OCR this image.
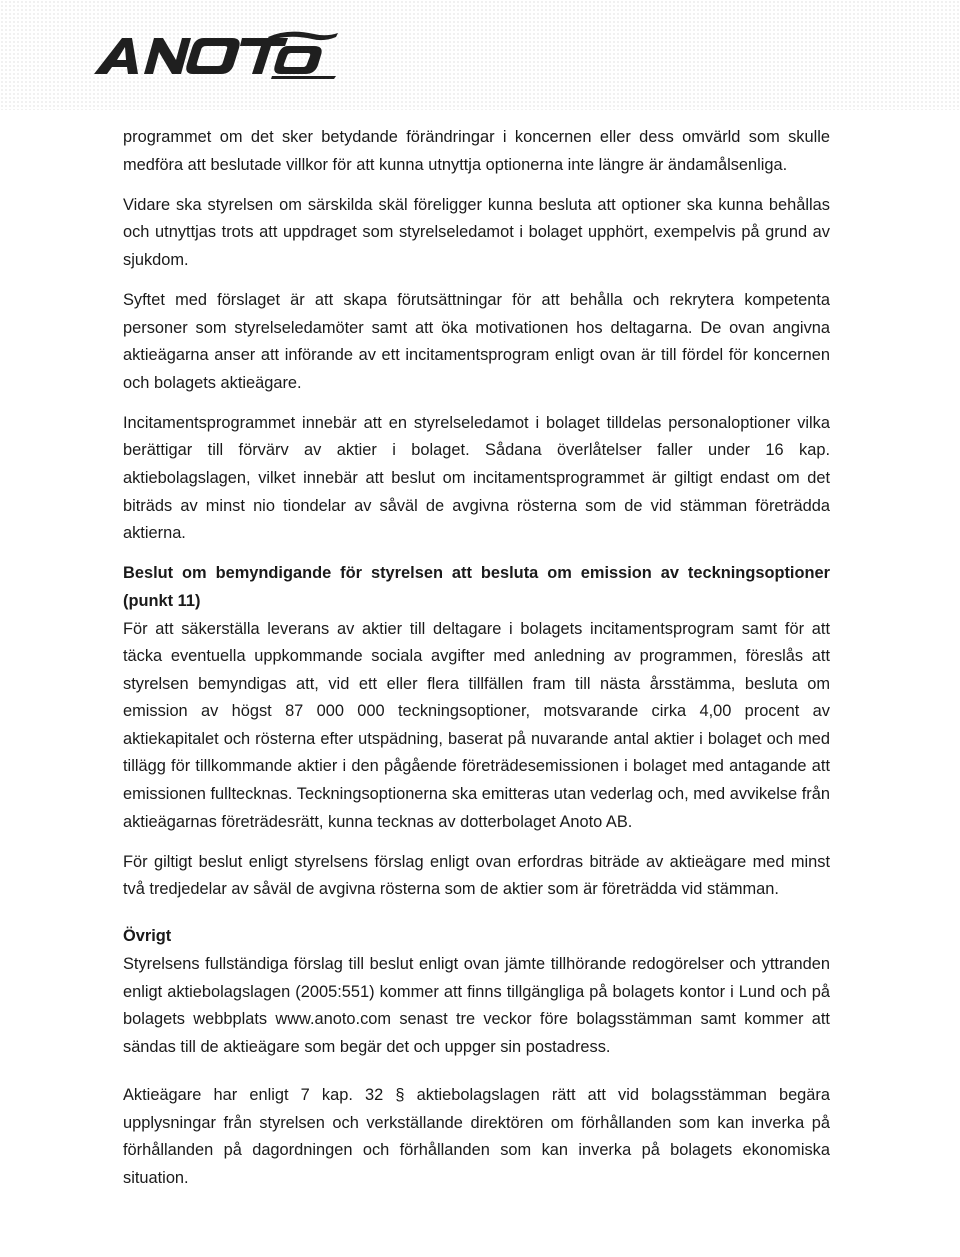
programmet om det sker betydande förändringar i koncernen eller dess omvärld som skulle medföra att beslutade villkor för att kunna utnyttja optionerna inte längre är ändamålsenliga.

Vidare ska styrelsen om särskilda skäl föreligger kunna besluta att optioner ska kunna behållas och utnyttjas trots att uppdraget som styrelseledamot i bolaget upphört, exempelvis på grund av sjukdom.

Syftet med förslaget är att skapa förutsättningar för att behålla och rekrytera kompetenta personer som styrelseledamöter samt att öka motivationen hos deltagarna. De ovan angivna aktieägarna anser att införande av ett incitamentsprogram enligt ovan är till fördel för koncernen och bolagets aktieägare.

Incitamentsprogrammet innebär att en styrelseledamot i bolaget tilldelas personaloptioner vilka berättigar till förvärv av aktier i bolaget. Sådana överlåtelser faller under 16 kap. aktiebolagslagen, vilket innebär att beslut om incitamentsprogrammet är giltigt endast om det biträds av minst nio tiondelar av såväl de avgivna rösterna som de vid stämman företrädda aktierna.

Beslut om bemyndigande för styrelsen att besluta om emission av teckningsoptioner (punkt 11)

För att säkerställa leverans av aktier till deltagare i bolagets incitamentsprogram samt för att täcka eventuella uppkommande sociala avgifter med anledning av programmen, föreslås att styrelsen bemyndigas att, vid ett eller flera tillfällen fram till nästa årsstämma, besluta om emission av högst 87 000 000 teckningsoptioner, motsvarande cirka 4,00 procent av aktiekapitalet och rösterna efter utspädning, baserat på nuvarande antal aktier i bolaget och med tillägg för tillkommande aktier i den pågående företrädesemissionen i bolaget med antagande att emissionen fulltecknas. Teckningsoptionerna ska emitteras utan vederlag och, med avvikelse från aktieägarnas företrädesrätt, kunna tecknas av dotterbolaget Anoto AB.

För giltigt beslut enligt styrelsens förslag enligt ovan erfordras biträde av aktieägare med minst två tredjedelar av såväl de avgivna rösterna som de aktier som är företrädda vid stämman.

Övrigt

Styrelsens fullständiga förslag till beslut enligt ovan jämte tillhörande redogörelser och yttranden enligt aktiebolagslagen (2005:551) kommer att finns tillgängliga på bolagets kontor i Lund och på bolagets webbplats www.anoto.com senast tre veckor före bolagsstämman samt kommer att sändas till de aktieägare som begär det och uppger sin postadress.

Aktieägare har enligt 7 kap. 32 § aktiebolagslagen rätt att vid bolagsstämman begära upplysningar från styrelsen och verkställande direktören om förhållanden som kan inverka på förhållanden på dagordningen och förhållanden som kan inverka på bolagets ekonomiska situation.
